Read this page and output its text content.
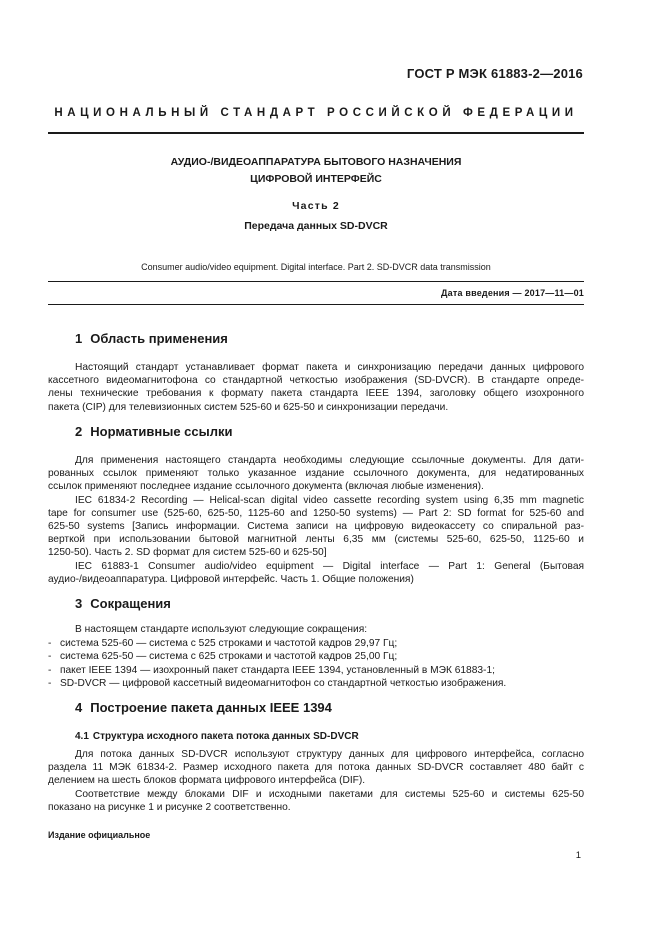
ГОСТ Р МЭК 61883-2—2016
НАЦИОНАЛЬНЫЙ СТАНДАРТ РОССИЙСКОЙ ФЕДЕРАЦИИ
АУДИО-/ВИДЕОАППАРАТУРА БЫТОВОГО НАЗНАЧЕНИЯ
ЦИФРОВОЙ ИНТЕРФЕЙС
Часть 2
Передача данных SD-DVCR
Consumer audio/video equipment. Digital interface. Part 2. SD-DVCR data transmission
Дата введения — 2017—11—01
1 Область применения
Настоящий стандарт устанавливает формат пакета и синхронизацию передачи данных цифрового
кассетного видеомагнитофона со стандартной четкостью изображения (SD-DVCR). В стандарте опреде-
лены технические требования к формату пакета стандарта IEEE 1394, заголовку общего изохронного
пакета (CIP) для телевизионных систем 525-60 и 625-50 и синхронизации передачи.
2 Нормативные ссылки
Для применения настоящего стандарта необходимы следующие ссылочные документы. Для дати-
рованных ссылок применяют только указанное издание ссылочного документа, для недатированных
ссылок применяют последнее издание ссылочного документа (включая любые изменения).
IEC 61834-2 Recording — Helical-scan digital video cassette recording system using 6,35 mm magnetic
tape for consumer use (525-60, 625-50, 1125-60 and 1250-50 systems) — Part 2: SD format for 525-60 and
625-50 systems [Запись информации. Система записи на цифровую видеокассету со спиральной раз-
верткой при использовании бытовой магнитной ленты 6,35 мм (системы 525-60, 625-50, 1125-60 и
1250-50). Часть 2. SD формат для систем 525-60 и 625-50]
IEC 61883-1 Consumer audio/video equipment — Digital interface — Part 1: General (Бытовая
аудио-/видеоаппаратура. Цифровой интерфейс. Часть 1. Общие положения)
3 Сокращения
В настоящем стандарте используют следующие сокращения:
- система 525-60 — система с 525 строками и частотой кадров 29,97 Гц;
- система 625-50 — система с 625 строками и частотой кадров 25,00 Гц;
- пакет IEEE 1394 — изохронный пакет стандарта IEEE 1394, установленный в МЭК 61883-1;
- SD-DVCR — цифровой кассетный видеомагнитофон со стандартной четкостью изображения.
4 Построение пакета данных IEEE 1394
4.1 Структура исходного пакета потока данных SD-DVCR
Для потока данных SD-DVCR используют структуру данных для цифрового интерфейса, согласно
раздела 11 МЭК 61834-2. Размер исходного пакета для потока данных SD-DVCR составляет 480 байт с
делением на шесть блоков формата цифрового интерфейса (DIF).
Соответствие между блоками DIF и исходными пакетами для системы 525-60 и системы 625-50
показано на рисунке 1 и рисунке 2 соответственно.
Издание официальное
1
